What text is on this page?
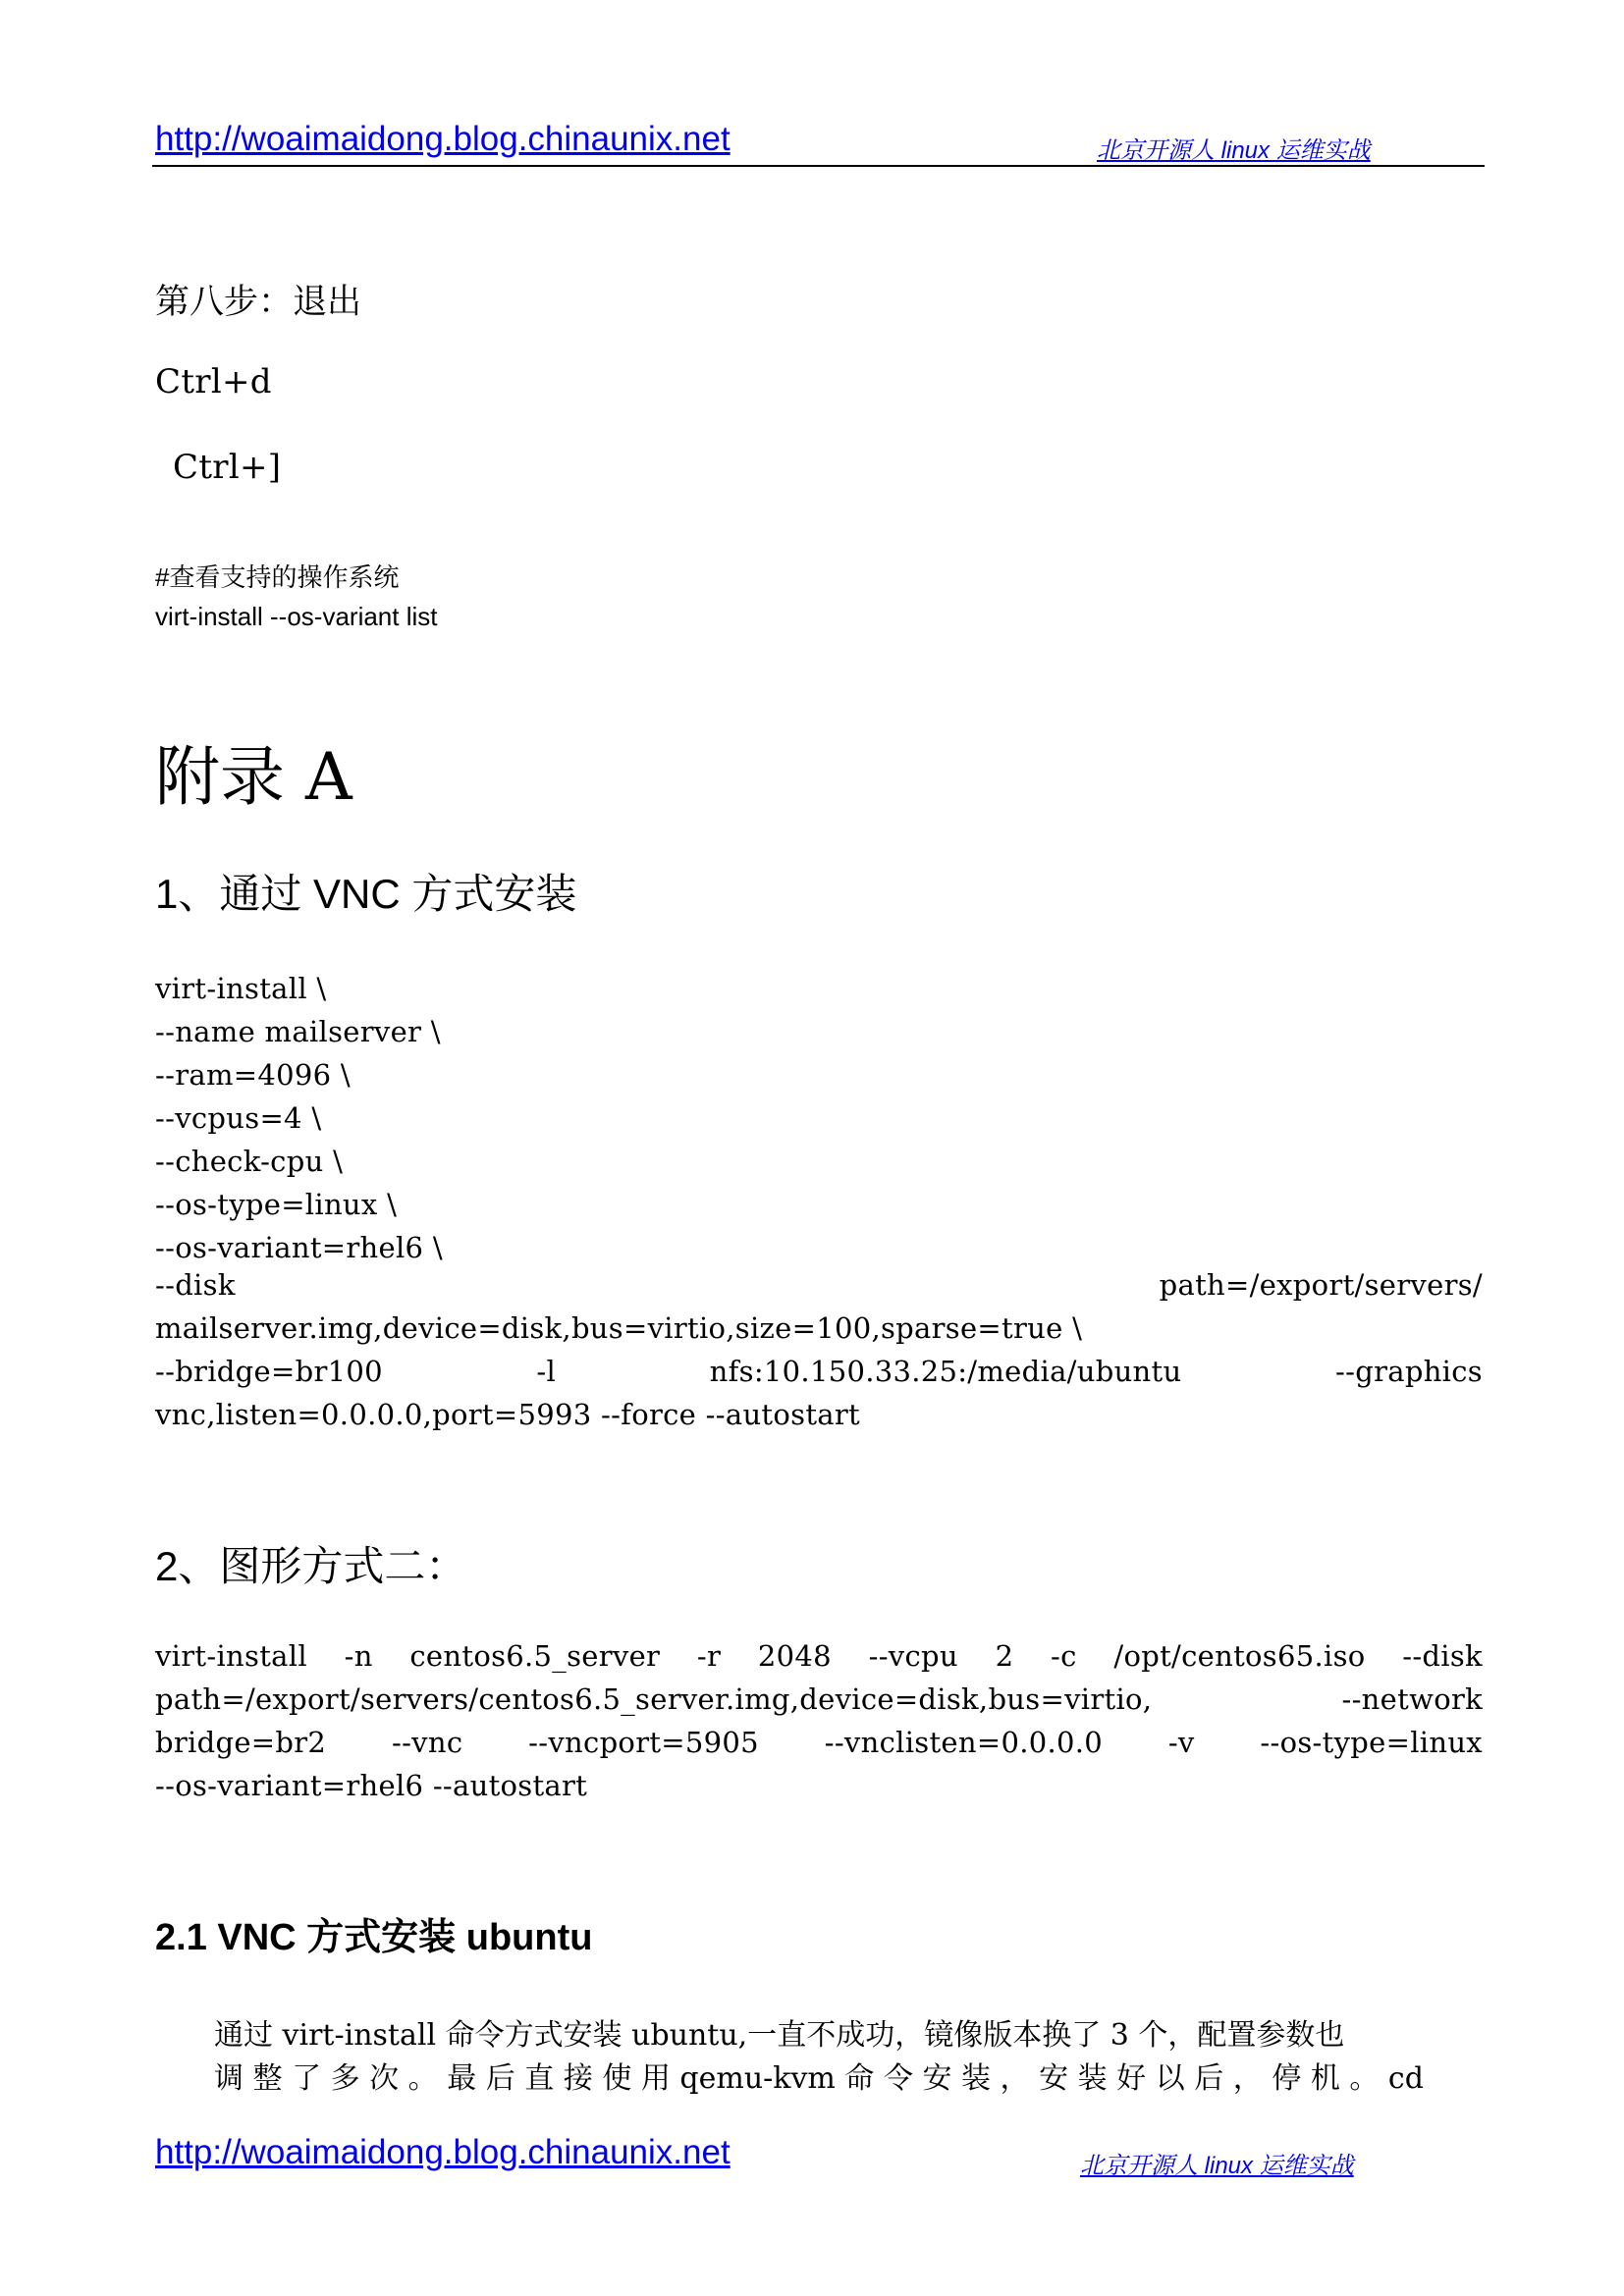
http://woaimaidong.blog.chinaunix.net	北京开源人 linux 运维实战
第八步：退出
Ctrl+d
Ctrl+]
#查看支持的操作系统
virt-install --os-variant list
附录 A
1、通过 VNC 方式安装
virt-install \
--name mailserver \
--ram=4096 \
--vcpus=4 \
--check-cpu \
--os-type=linux \
--os-variant=rhel6 \
--disk	path=/export/servers/
mailserver.img,device=disk,bus=virtio,size=100,sparse=true \
--bridge=br100	-l	nfs:10.150.33.25:/media/ubuntu	--graphics
vnc,listen=0.0.0.0,port=5993 --force --autostart
2、图形方式二：
virt-install -n centos6.5_server -r 2048 --vcpu 2 -c /opt/centos65.iso --disk
path=/export/servers/centos6.5_server.img,device=disk,bus=virtio,	--network
bridge=br2 --vnc --vncport=5905 --vnclisten=0.0.0.0 -v --os-type=linux
--os-variant=rhel6 --autostart
2.1 VNC 方式安装 ubuntu
通过 virt-install 命令方式安装 ubuntu,一直不成功，镜像版本换了 3 个，配置参数也
调 整 了 多 次 。 最 后 直 接 使 用 qemu-kvm 命 令 安 装 ， 安 装 好 以 后 ， 停 机 。 cd
http://woaimaidong.blog.chinaunix.net	北京开源人 linux 运维实战
